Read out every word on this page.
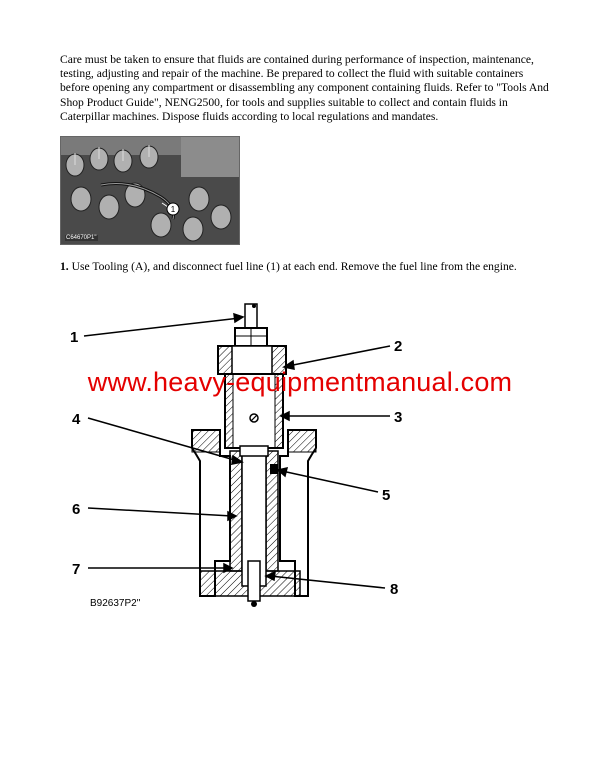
Care must be taken to ensure that fluids are contained during performance of inspection, maintenance, testing, adjusting and repair of the machine. Be prepared to collect the fluid with suitable containers before opening any compartment or disassembling any component containing fluids. Refer to "Tools And Shop Product Guide", NENG2500, for tools and supplies suitable to collect and contain fluids in Caterpillar machines. Dispose fluids according to local regulations and mandates.
1
C64670P1"
1. Use Tooling (A), and disconnect fuel line (1) at each end. Remove the fuel line from the engine.
1
2
3
4
5
6
7
8
B92637P2"
www.heavy-equipmentmanual.com
